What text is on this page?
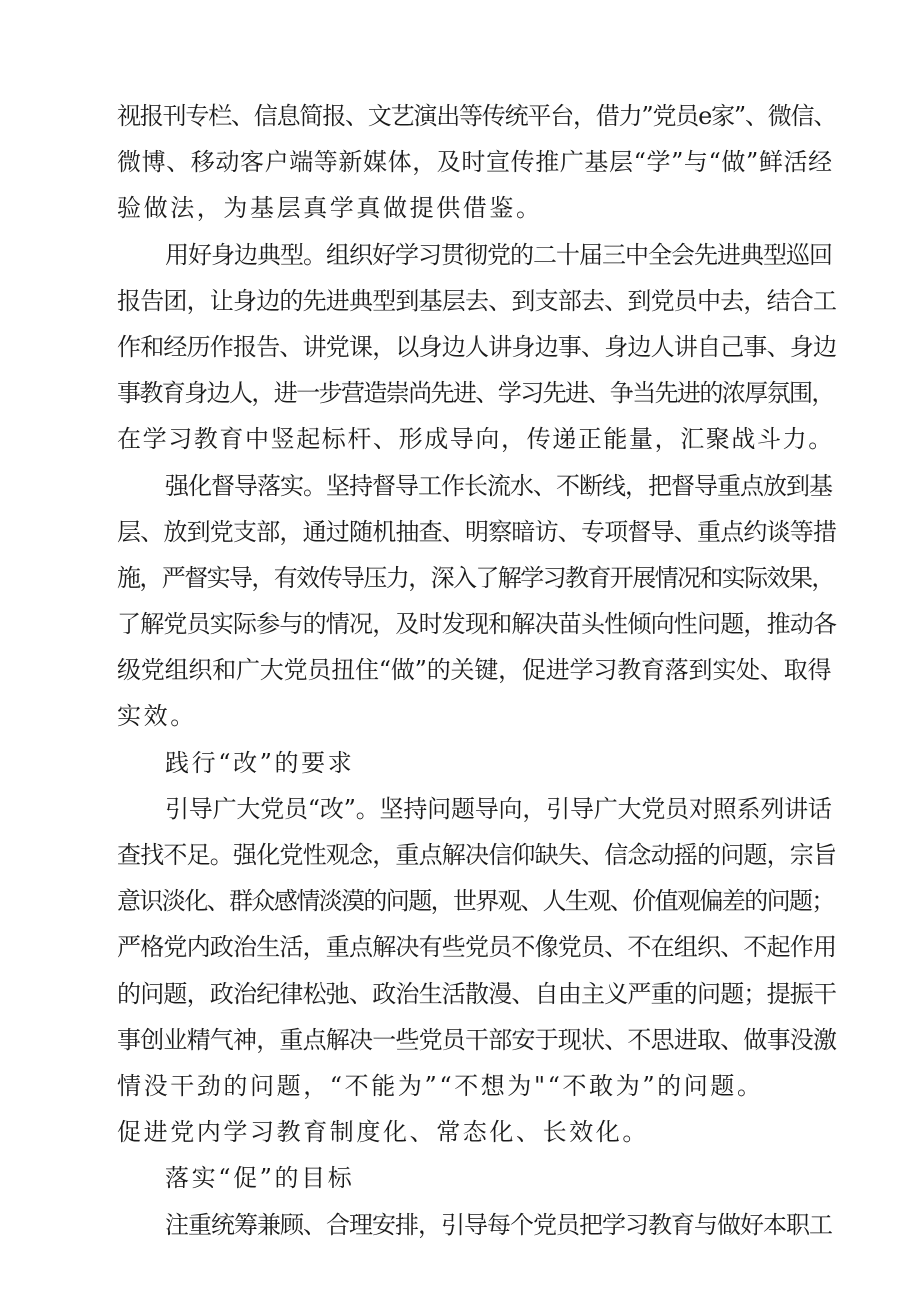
视报刊专栏、信息简报、文艺演出等传统平台，借力”党员e家”、微信、
微博、移动客户端等新媒体，及时宣传推广基层“学”与“做”鲜活经
验做法，为基层真学真做提供借鉴。
用好身边典型。组织好学习贯彻党的二十届三中全会先进典型巡回
报告团，让身边的先进典型到基层去、到支部去、到党员中去，结合工
作和经历作报告、讲党课，以身边人讲身边事、身边人讲自己事、身边
事教育身边人，进一步营造崇尚先进、学习先进、争当先进的浓厚氛围，
在学习教育中竖起标杆、形成导向，传递正能量，汇聚战斗力。
强化督导落实。坚持督导工作长流水、不断线，把督导重点放到基
层、放到党支部，通过随机抽查、明察暗访、专项督导、重点约谈等措
施，严督实导，有效传导压力，深入了解学习教育开展情况和实际效果，
了解党员实际参与的情况，及时发现和解决苗头性倾向性问题，推动各
级党组织和广大党员扭住“做”的关键，促进学习教育落到实处、取得
实效。
践行“改”的要求
引导广大党员“改”。坚持问题导向，引导广大党员对照系列讲话
查找不足。强化党性观念，重点解决信仰缺失、信念动摇的问题，宗旨
意识淡化、群众感情淡漠的问题，世界观、人生观、价值观偏差的问题；
严格党内政治生活，重点解决有些党员不像党员、不在组织、不起作用
的问题，政治纪律松弛、政治生活散漫、自由主义严重的问题；提振干
事创业精气神，重点解决一些党员干部安于现状、不思进取、做事没激
情没干劲的问题，“不能为”“不想为"“不敢为”的问题。
促进党内学习教育制度化、常态化、长效化。
落实“促”的目标
注重统筹兼顾、合理安排，引导每个党员把学习教育与做好本职工
